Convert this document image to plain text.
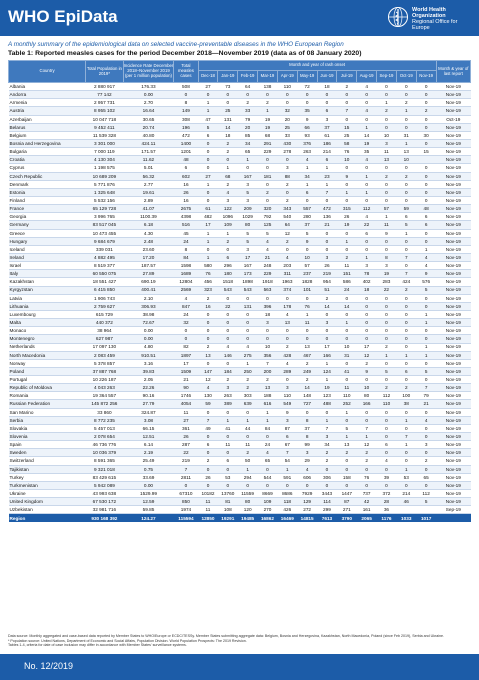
WHO EpiData	World Health
Organization
Regional Office for
Europe
A monthly summary of the epidemiological data on selected vaccine-preventable diseases in the WHO European Region
Table 1: Reported measles cases for the period December 2018—November 2019 (data as of 08 January 2020)
Country	Total Population in 2019*	Incidence Rate December 2018–November 2019 (per 1 million population)	Total measles cases	Month and year of rash onset												Month & year of last report
				Dec-18	Jan-19	Feb-19	Mar-19	Apr-19	May-19	Jun-19	Jul-19	Aug-19	Sep-19	Oct-19	Nov-19	
Albania	2 880 917	176.33	508	27	73	64	138	110	72	18	2	4	0	0	0	Nov-19
Andorra	77 142	0.00	0	0	0	0	0	0	0	0	0	0	0	0	0	Nov-19
Armenia	2 957 731	2.70	8	1	0	2	2	0	0	0	0	0	1	2	0	Nov-19
Austria	8 955 102	16.64	149	1	25	33	1	32	35	6	7	4	2	1	2	Nov-19
Azerbaijan	10 047 718	30.65	308	47	131	79	19	20	9	3	0	0	0	0	0	Oct-19
Belarus	9 452 411	20.74	196	5	14	20	19	25	66	37	15	1	0	0	0	Nov-19
Belgium	11 539 328	40.80	472	6	18	85	68	33	93	61	25	14	10	31	30	Nov-19
Bosnia and Herzegovina	3 301 000	424.11	1400	0	2	34	291	430	376	186	58	19	3	1	0	Nov-19
Bulgaria	7 000 119	171.57	1201	0	2	65	229	278	263	214	76	35	11	13	15	Nov-19
Croatia	4 130 304	11.62	48	0	0	1	0	0	4	6	10	4	13	10		Nov-19
Cyprus	1 198 575	5.01	6	0	1	0	0	3	1	1	0	0	0	0	0	Nov-19
Czech Republic	10 689 209	56.32	602	27	68	167	181	88	34	23	9	1	2	2	0	Nov-19
Denmark	5 771 876	2.77	16	1	2	3	0	2	1	1	0	0	0	0	0	Nov-19
Estonia	1 325 648	19.61	26	0	4	5	2	0	6	7	1	1	0	0	0	Nov-19
Finland	5 532 156	2.89	16	0	3	3	0	2	0	0	0	0	0	0	0	Nov-19
France	65 129 728	41.07	2675	61	122	209	320	343	557	472	315	112	57	59	48	Nov-19
Georgia	3 996 765	1100.39	4398	482	1096	1029	792	540	280	136	26	4	1	6	6	Nov-19
Germany	83 517 045	6.18	516	17	109	80	125	64	37	21	19	22	11	5	6	Nov-19
Greece	10 473 455	4.30	45	1	1	5	5	12	5	0	0	6	9	1	0	Nov-19
Hungary	9 684 679	2.48	24	1	2	5	4	2	9	0	1	0	0	0	0	Nov-19
Iceland	339 031	23.60	8	0	0	3	4	0	0	0	0	0	0	0	1	Nov-19
Ireland	4 882 495	17.20	84	1	6	17	21	4	10	3	2	1	8	7	4	Nov-19
Israel	8 519 377	187.57	1598	580	296	167	248	203	57	26	11	3	3	0	4	Nov-19
Italy	60 550 075	27.89	1689	76	180	173	229	311	237	219	151	78	19	7	9	Nov-19
Kazakhstan	18 551 427	690.19	12804	456	1518	1898	1918	1963	1828	954	586	402	283	424	576	Nov-19
Kyrgyzstan	6 415 850	400.41	2569	323	543	543	563	374	101	51	24	18	22	2	5	Nov-19
Latvia	1 906 743	2.10	4	2	0	0	0	0	0	2	0	0	0	0	0	Nov-19
Lithuania	2 759 627	306.93	847	16	22	131	396	178	76	14	14	0	0	0	0	Nov-19
Luxembourg	615 729	38.98	24	0	0	0	18	4	1	0	0	0	0	0	1	Nov-19
Malta	440 372	72.67	32	0	0	0	3	13	11	3	1	0	0	0	1	Nov-19
Monaco	38 964	0.00	0	0	0	0	0	0	0	0	0	0	0	0	0	Nov-19
Montenegro	627 987	0.00	0	0	0	0	0	0	0	0	0	0	0	0	0	Nov-19
Netherlands	17 097 130	4.80	82	2	4	4	10	2	13	17	10	17	2	0	1	Nov-19
North Macedonia	2 083 459	910.51	1897	13	146	275	356	428	467	166	31	12	1	1	1	Nov-19
Norway	5 378 857	3.16	17	0	0	1	7	4	2	1	0	2	0	0	0	Nov-19
Poland	37 887 768	39.83	1509	147	184	250	200	289	249	124	41	9	5	6	5	Nov-19
Portugal	10 226 187	2.05	21	12	2	2	2	0	2	1	0	0	0	0	0	Nov-19
Republic of Moldova	4 043 263	22.26	90	4	3	2	13	3	14	19	11	10	2	2	7	Nov-19
Romania	19 364 557	90.16	1746	130	263	303	188	110	148	123	110	80	112	100	79	Nov-19
Russian Federation	145 872 256	27.79	4054	59	389	639	616	549	727	488	252	166	110	38	21	Nov-19
San Marino	33 860	324.87	11	0	0	0	1	9	0	0	1	0	0	0	0	Nov-19
Serbia	8 772 235	3.08	27	7	1	1	1	3	8	1	0	0	0	1	4	Nov-19
Slovakia	5 457 013	66.15	361	49	41	44	84	87	37	7	5	7	0	0	0	Nov-19
Slovenia	2 078 654	12.51	26	0	0	0	0	6	8	3	1	1	0	7	0	Nov-19
Spain	46 736 776	6.14	287	6	11	11	24	67	99	34	13	12	6	1	3	Nov-19
Sweden	10 036 379	2.19	22	0	0	2	4	7	3	2	2	2	0	0	0	Nov-19
Switzerland	8 591 365	25.49	219	2	6	50	65	54	29	2	0	2	4	0	2	Nov-19
Tajikistan	9 321 018	0.75	7	0	0	1	0	1	4	0	0	0	0	1	0	Nov-19
Turkey	83 429 615	33.69	2811	26	53	294	544	591	606	306	158	76	39	53	65	Nov-19
Turkmenistan	5 942 089	0.00	0	0	0	0	0	0	0	0	0	0	0	0	0	Nov-19
Ukraine	43 993 638	1529.99	67310	10182	13760	11559	8669	8686	7929	3443	1447	737	372	214	112	Nov-19
United Kingdom	67 530 172	12.59	850	11	81	80	109	118	129	114	87	42	28	46	5	Nov-19
Uzbekistan	32 981 716	59.85	1974	11	108	120	270	426	272	299	271	161	36			Sep-19
Region	930 168 392	124.27	115594	12850	19291	19485	16862	16469	14815	7613	3790	2065	1176	1033	1017	
Data source: Monthly aggregated and case-based data reported by Member States to WHO/Europe or ECDC/TESSy. Member States submitting aggregate data: Belgium, Bosnia and Herzegovina, Kazakhstan, North Macedonia, Poland (since Feb 2019), Serbia and Ukraine.
* Population source: United Nations, Department of Economic and Social Affairs, Population Division. World Population Prospects: The 2019 Revision.
Tables 1-4, criteria for date of case inclusion may differ in accordance with Member States' surveillance systems.
No. 12/2019
